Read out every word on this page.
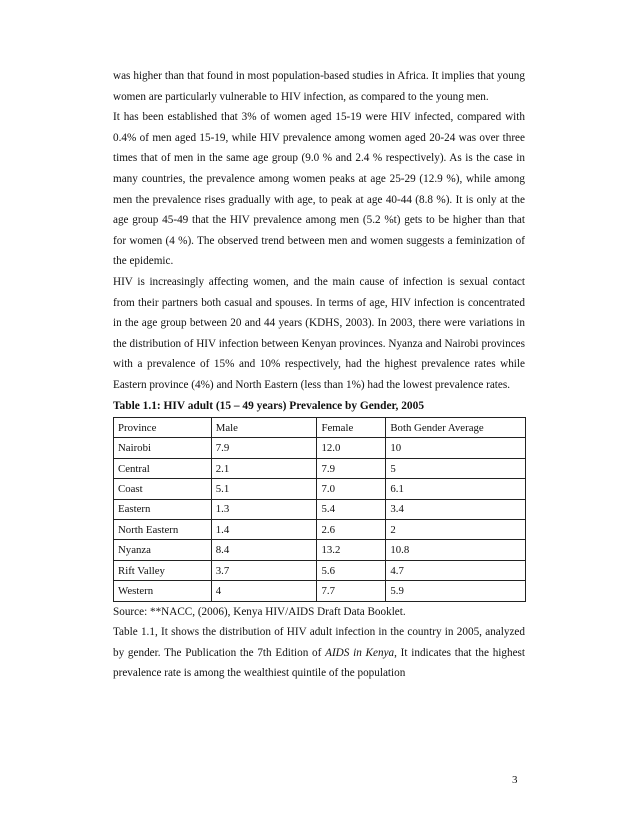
was higher than that found in most population-based studies in Africa. It implies that young women are particularly vulnerable to HIV infection, as compared to the young men.

It has been established that 3% of women aged 15-19 were HIV infected, compared with 0.4% of men aged 15-19, while HIV prevalence among women aged 20-24 was over three times that of men in the same age group (9.0 % and 2.4 % respectively). As is the case in many countries, the prevalence among women peaks at age 25-29 (12.9 %), while among men the prevalence rises gradually with age, to peak at age 40-44 (8.8 %). It is only at the age group 45-49 that the HIV prevalence among men (5.2 %t) gets to be higher than that for women (4 %). The observed trend between men and women suggests a feminization of the epidemic.

HIV is increasingly affecting women, and the main cause of infection is sexual contact from their partners both casual and spouses. In terms of age, HIV infection is concentrated in the age group between 20 and 44 years (KDHS, 2003). In 2003, there were variations in the distribution of HIV infection between Kenyan provinces. Nyanza and Nairobi provinces with a prevalence of 15% and 10% respectively, had the highest prevalence rates while Eastern province (4%) and North Eastern (less than 1%) had the lowest prevalence rates.

Table 1.1: HIV adult (15 – 49 years) Prevalence by Gender, 2005

Province	Male	Female	Both Gender Average
Nairobi	7.9	12.0	10
Central	2.1	7.9	5
Coast	5.1	7.0	6.1
Eastern	1.3	5.4	3.4
North Eastern	1.4	2.6	2
Nyanza	8.4	13.2	10.8
Rift Valley	3.7	5.6	4.7
Western	4	7.7	5.9

Source: **NACC, (2006), Kenya HIV/AIDS Draft Data Booklet.

Table 1.1, It shows the distribution of HIV adult infection in the country in 2005, analyzed by gender. The Publication the 7th Edition of AIDS in Kenya, It indicates that the highest prevalence rate is among the wealthiest quintile of the population

3
